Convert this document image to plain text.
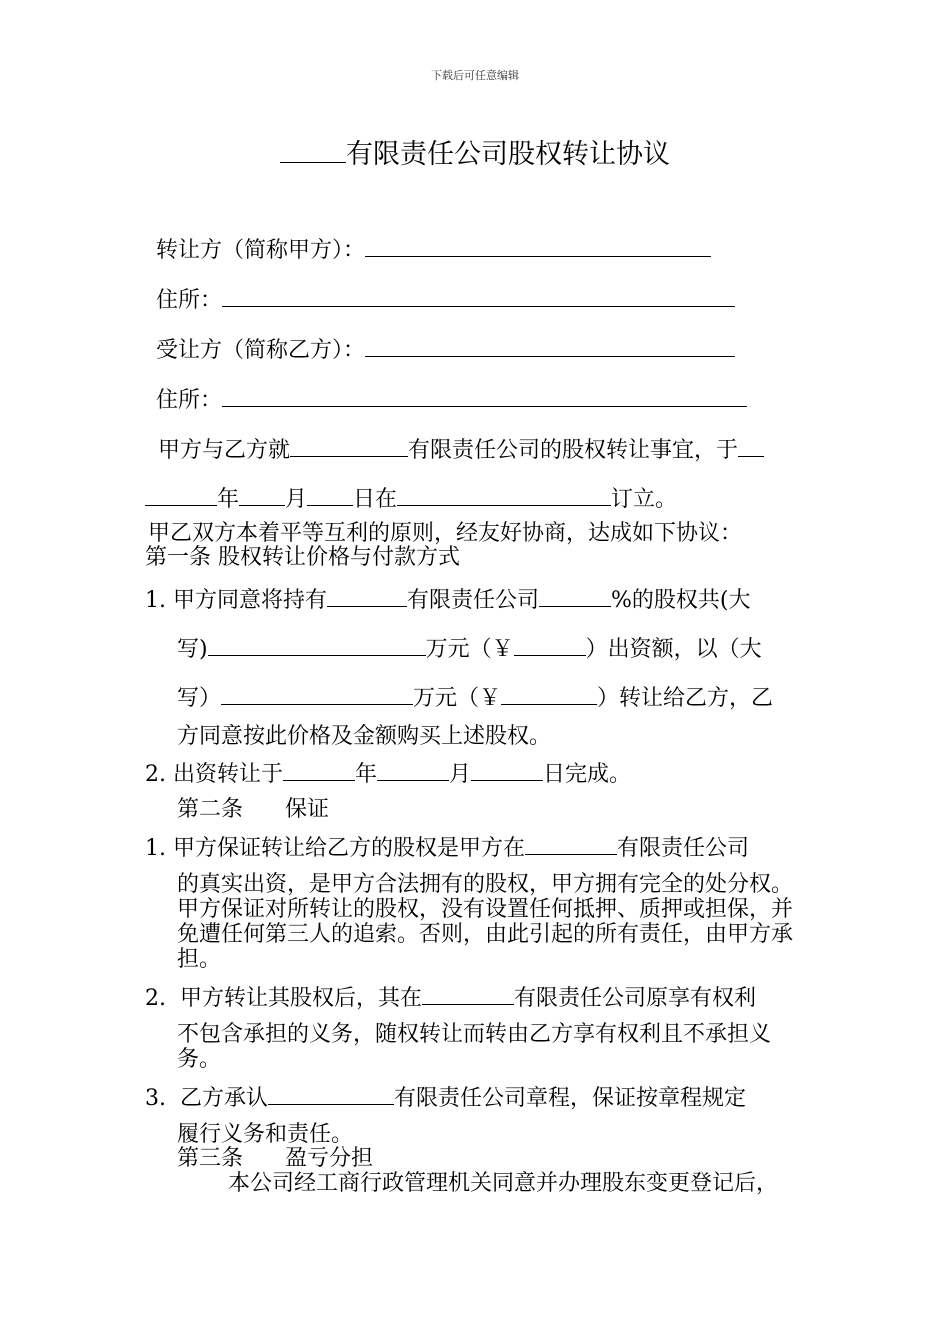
下载后可任意编辑
有限责任公司股权转让协议
转让方（简称甲方）：
住所：
受让方（简称乙方）：
住所：
甲方与乙方就	有限责任公司的股权转让事宜，于
年 月 日在	订立。
甲乙双方本着平等互利的原则，经友好协商，达成如下协议：
第一条 股权转让价格与付款方式
1. 甲方同意将持有	有限责任公司	%的股权共(大
写)	万元（￥	）出资额，以（大
写）	万元（￥	）转让给乙方，乙
方同意按此价格及金额购买上述股权。
2. 出资转让于	年	月	日完成。
第二条      保证
1. 甲方保证转让给乙方的股权是甲方在	有限责任公司
的真实出资，是甲方合法拥有的股权，甲方拥有完全的处分权。甲方保证对所转让的股权，没有设置任何抵押、质押或担保，并免遭任何第三人的追索。否则，由此引起的所有责任，由甲方承担。
2. 甲方转让其股权后，其在	有限责任公司原享有权利
不包含承担的义务，随权转让而转由乙方享有权利且不承担义务。
3. 乙方承认	有限责任公司章程，保证按章程规定
履行义务和责任。
第三条      盈亏分担
本公司经工商行政管理机关同意并办理股东变更登记后，
